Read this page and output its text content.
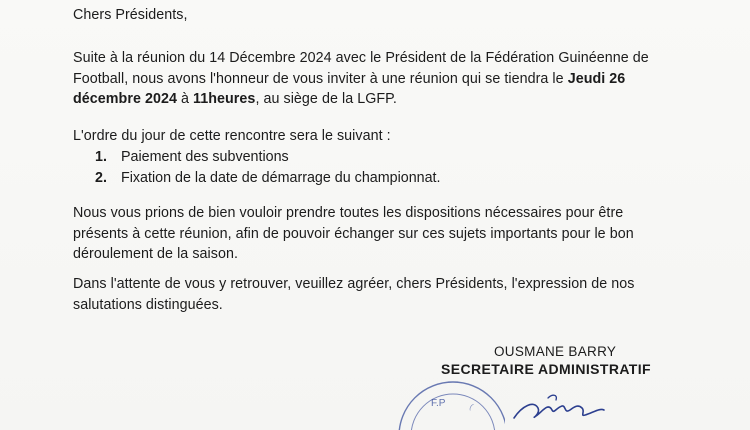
Chers Présidents,

Suite à la réunion du 14 Décembre 2024 avec le Président de la Fédération Guinéenne de Football, nous avons l'honneur de vous inviter à une réunion qui se tiendra le Jeudi 26 décembre 2024 à 11heures, au siège de la LGFP.

L'ordre du jour de cette rencontre sera le suivant :

1. Paiement des subventions
2. Fixation de la date de démarrage du championnat.

Nous vous prions de bien vouloir prendre toutes les dispositions nécessaires pour être présents à cette réunion, afin de pouvoir échanger sur ces sujets importants pour le bon déroulement de la saison.

Dans l'attente de vous y retrouver, veuillez agréer, chers Présidents, l'expression de nos salutations distinguées.

OUSMANE BARRY
SECRETAIRE ADMINISTRATIF
F.P	(
